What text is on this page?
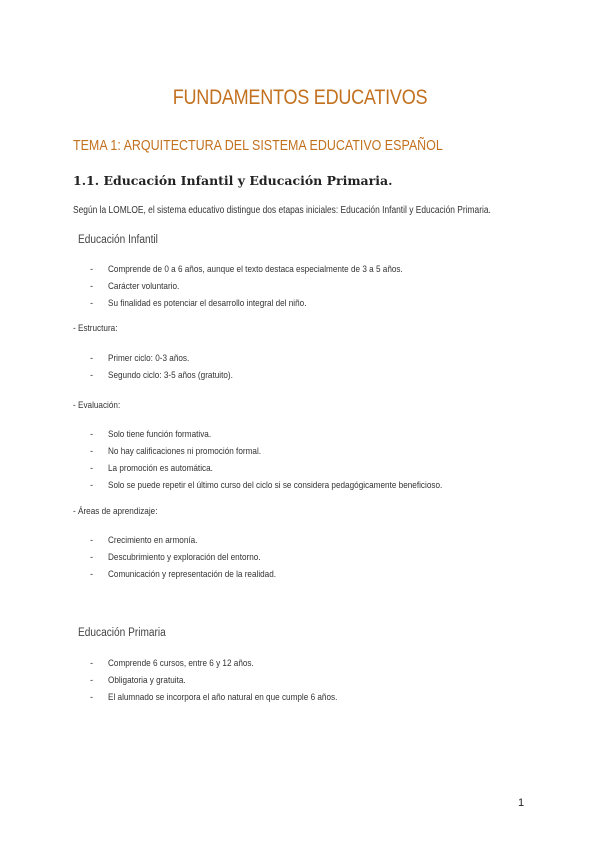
FUNDAMENTOS EDUCATIVOS
TEMA 1: ARQUITECTURA DEL SISTEMA EDUCATIVO ESPAÑOL
1.1. Educación Infantil y Educación Primaria.
Según la LOMLOE, el sistema educativo distingue dos etapas iniciales: Educación Infantil y Educación Primaria.
Educación Infantil
- Comprende de 0 a 6 años, aunque el texto destaca especialmente de 3 a 5 años.
- Carácter voluntario.
- Su finalidad es potenciar el desarrollo integral del niño.
- Estructura:
- Primer ciclo: 0-3 años.
- Segundo ciclo: 3-5 años (gratuito).
- Evaluación:
- Solo tiene función formativa.
- No hay calificaciones ni promoción formal.
- La promoción es automática.
- Solo se puede repetir el último curso del ciclo si se considera pedagógicamente beneficioso.
- Áreas de aprendizaje:
- Crecimiento en armonía.
- Descubrimiento y exploración del entorno.
- Comunicación y representación de la realidad.
Educación Primaria
- Comprende 6 cursos, entre 6 y 12 años.
- Obligatoria y gratuita.
- El alumnado se incorpora el año natural en que cumple 6 años.
1
